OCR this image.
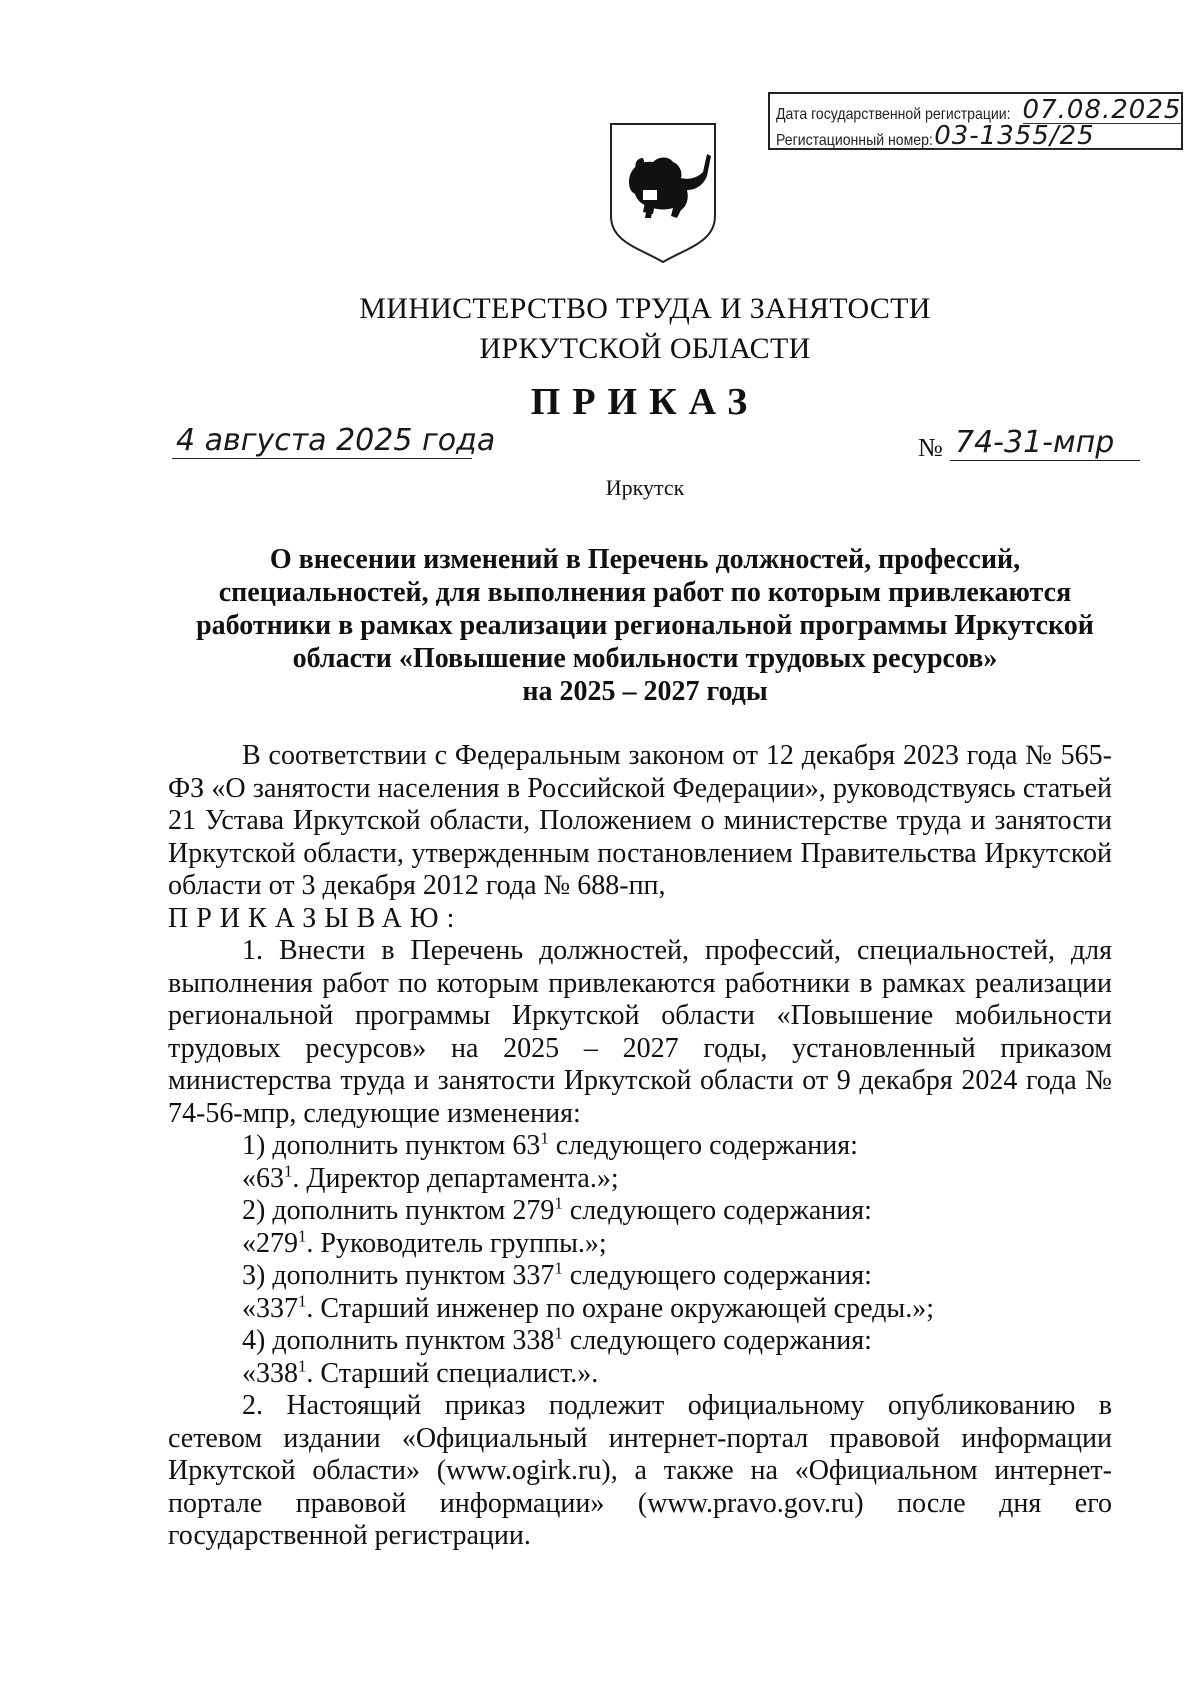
Дата государственной регистрации: 07.08.2025
Регистационный номер: 03-1355/25
МИНИСТЕРСТВО ТРУДА И ЗАНЯТОСТИ
ИРКУТСКОЙ ОБЛАСТИ
ПРИКАЗ
4 августа 2025 года	№ 74-31-мпр
Иркутск
О внесении изменений в Перечень должностей, профессий,
специальностей, для выполнения работ по которым привлекаются
работники в рамках реализации региональной программы Иркутской
области «Повышение мобильности трудовых ресурсов»
на 2025 – 2027 годы
В соответствии с Федеральным законом от 12 декабря 2023 года № 565-ФЗ «О занятости населения в Российской Федерации», руководствуясь статьей 21 Устава Иркутской области, Положением о министерстве труда и занятости Иркутской области, утвержденным постановлением Правительства Иркутской области от 3 декабря 2012 года № 688-пп,
ПРИКАЗЫВАЮ:
1. Внести в Перечень должностей, профессий, специальностей, для выполнения работ по которым привлекаются работники в рамках реализации региональной программы Иркутской области «Повышение мобильности трудовых ресурсов» на 2025 – 2027 годы, установленный приказом министерства труда и занятости Иркутской области от 9 декабря 2024 года № 74-56-мпр, следующие изменения:
1) дополнить пунктом $63^1$ следующего содержания:
«$63^1$. Директор департамента.»;
2) дополнить пунктом $279^1$ следующего содержания:
«$279^1$. Руководитель группы.»;
3) дополнить пунктом $337^1$ следующего содержания:
«$337^1$. Старший инженер по охране окружающей среды.»;
4) дополнить пунктом $338^1$ следующего содержания:
«$338^1$. Старший специалист.».
2. Настоящий приказ подлежит официальному опубликованию в сетевом издании «Официальный интернет-портал правовой информации Иркутской области» (www.ogirk.ru), а также на «Официальном интернет-портале правовой информации» (www.pravo.gov.ru) после дня его государственной регистрации.
